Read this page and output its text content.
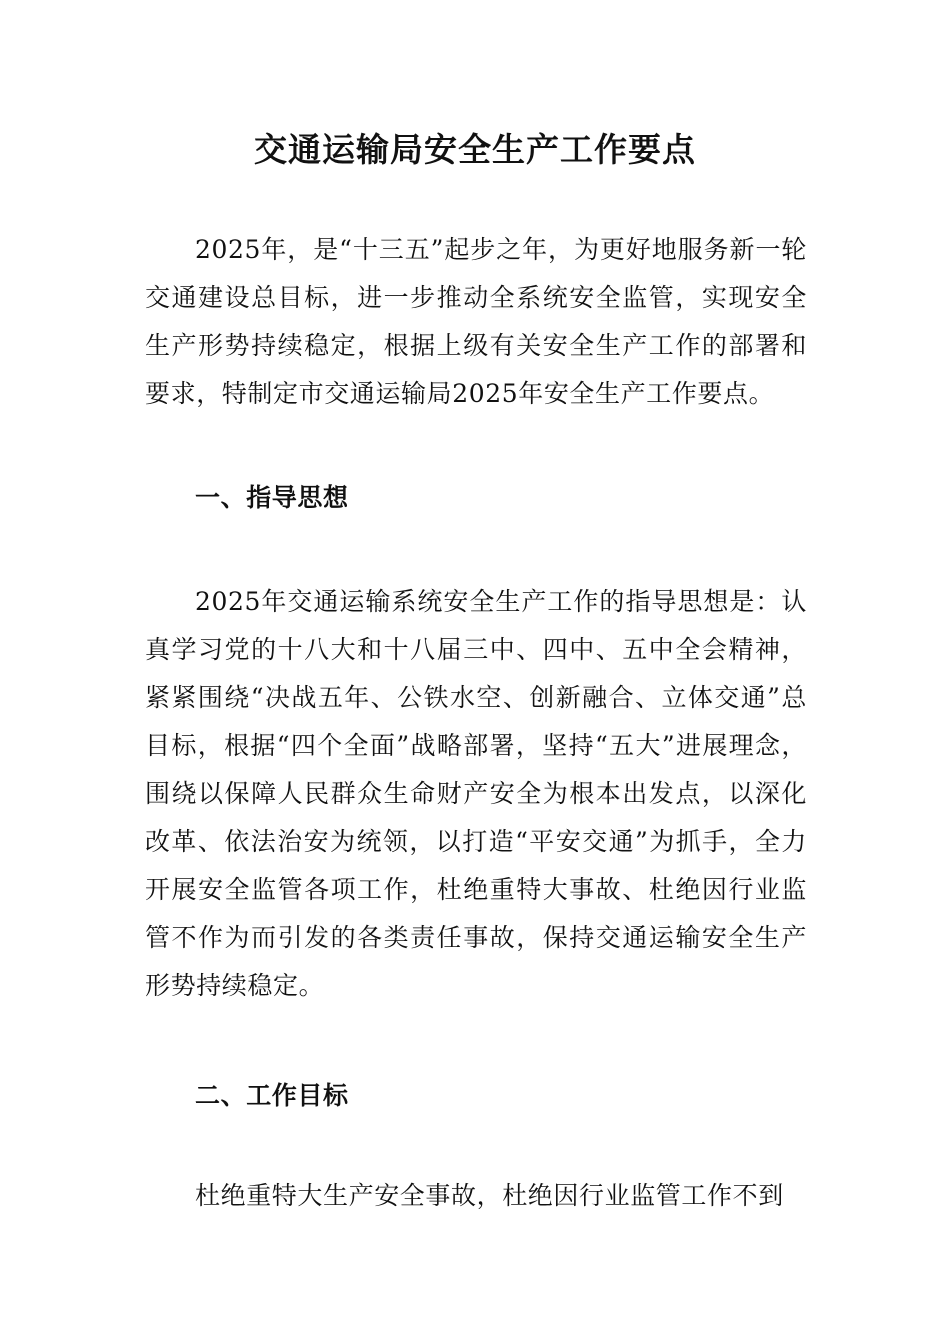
交通运输局安全生产工作要点

2025年，是“十三五”起步之年，为更好地服务新一轮交通建设总目标，进一步推动全系统安全监管，实现安全生产形势持续稳定，根据上级有关安全生产工作的部署和要求，特制定市交通运输局2025年安全生产工作要点。

一、指导思想

2025年交通运输系统安全生产工作的指导思想是：认真学习党的十八大和十八届三中、四中、五中全会精神，紧紧围绕“决战五年、公铁水空、创新融合、立体交通”总目标，根据“四个全面”战略部署，坚持“五大”进展理念，围绕以保障人民群众生命财产安全为根本出发点，以深化改革、依法治安为统领，以打造“平安交通”为抓手，全力开展安全监管各项工作，杜绝重特大事故、杜绝因行业监管不作为而引发的各类责任事故，保持交通运输安全生产形势持续稳定。

二、工作目标

杜绝重特大生产安全事故，杜绝因行业监管工作不到
